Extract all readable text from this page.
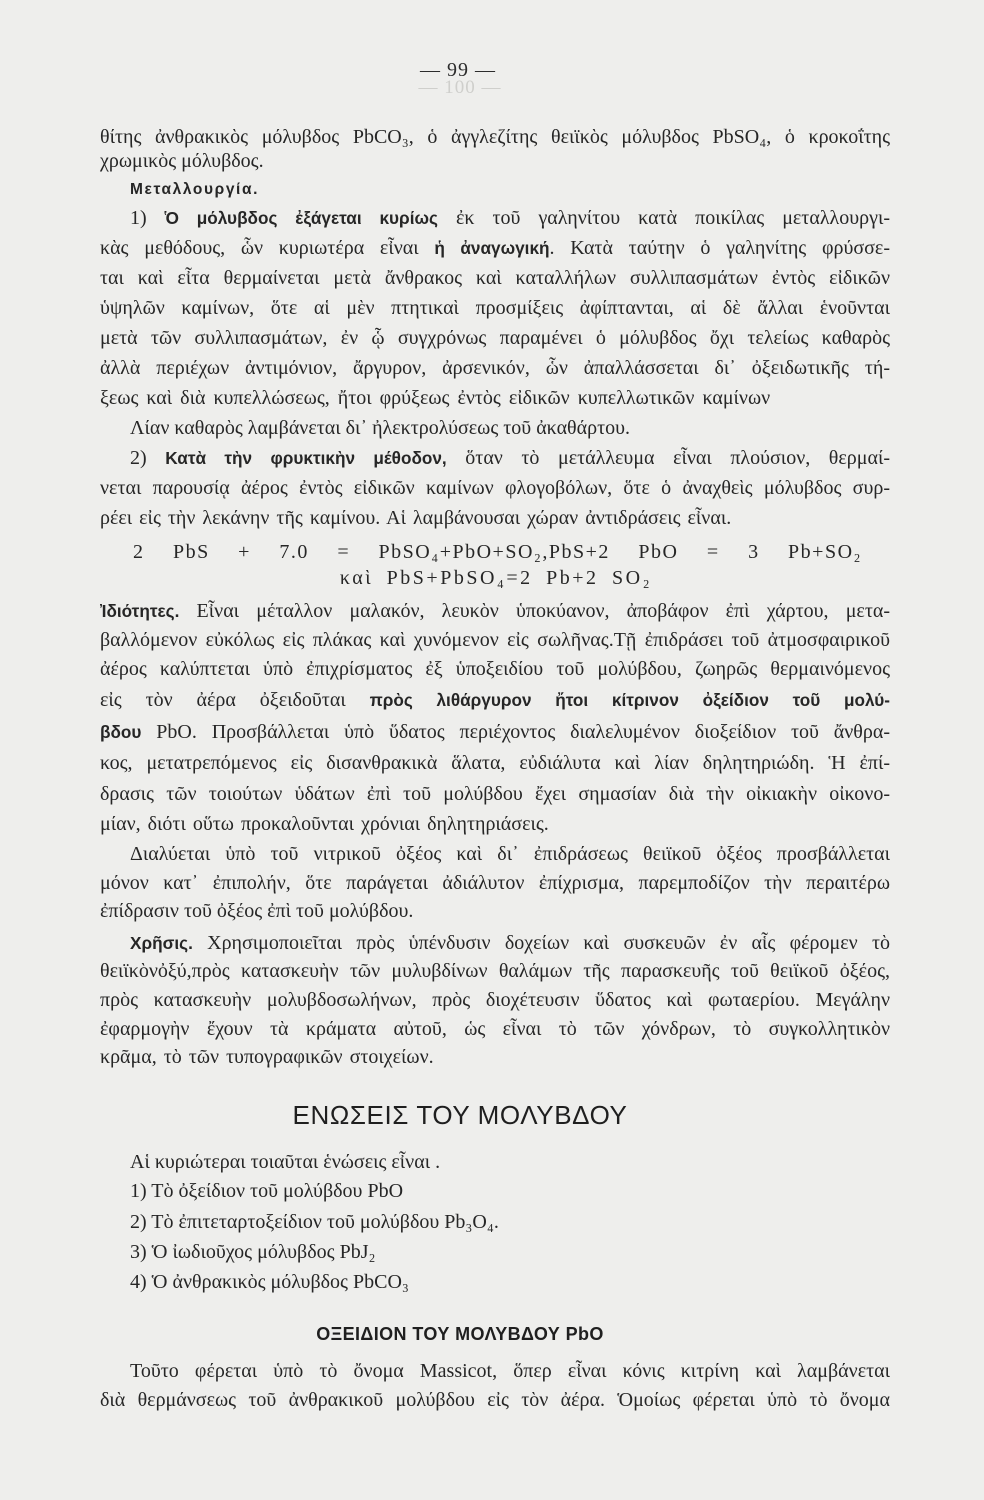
— 100 —
— 99 —
θίτης ἀνθρακικὸς μόλυβδος PbCO₃, ὁ ἀγγλεζίτης θειϊκὸς μόλυβδος PbSO₄, ὁ κροκοΐτης
χρωμικὸς μόλυβδος.
Μεταλλουργία.
1) Ὁ μόλυβδος ἐξάγεται κυρίως ἐκ τοῦ γαληνίτου κατὰ ποικίλας μεταλλουργι-
κὰς μεθόδους, ὧν κυριωτέρα εἶναι ἡ ἀναγωγική. Κατὰ ταύτην ὁ γαληνίτης φρύσσε-
ται καὶ εἶτα θερμαίνεται μετὰ ἄνθρακος καὶ καταλλήλων συλλιπασμάτων ἐντὸς εἰδικῶν
ὑψηλῶν καμίνων, ὅτε αἱ μὲν πτητικαὶ προσμίξεις ἀφίπτανται, αἱ δὲ ἄλλαι ἑνοῦνται
μετὰ τῶν συλλιπασμάτων, ἐν ᾧ συγχρόνως παραμένει ὁ μόλυβδος ὄχι τελείως καθαρὸς
ἀλλὰ περιέχων ἀντιμόνιον, ἄργυρον, ἀρσενικόν, ὧν ἀπαλλάσσεται δι᾽ ὀξειδωτικῆς τή-
ξεως καὶ διὰ κυπελλώσεως, ἤτοι φρύξεως ἐντὸς εἰδικῶν κυπελλωτικῶν καμίνων
Λίαν καθαρὸς λαμβάνεται δι᾽ ἠλεκτρολύσεως τοῦ ἀκαθάρτου.
2) Κατὰ τὴν φρυκτικὴν μέθοδον, ὅταν τὸ μετάλλευμα εἶναι πλούσιον, θερμαί-
νεται παρουσίᾳ ἀέρος ἐντὸς εἰδικῶν καμίνων φλογοβόλων, ὅτε ὁ ἀναχθεὶς μόλυβδος συρ-
ρέει εἰς τὴν λεκάνην τῆς καμίνου. Αἱ λαμβάνουσαι χώραν ἀντιδράσεις εἶναι.
2 PbS + 7.0 = PbSO₄+PbO+SO₂,PbS+2 PbO = 3 Pb+SO₂
καὶ PbS+PbSO₄=2 Pb+2 SO₂
Ἰδιότητες. Εἶναι μέταλλον μαλακόν, λευκὸν ὑποκύανον, ἀποβάφον ἐπὶ χάρτου, μετα-
βαλλόμενον εὐκόλως εἰς πλάκας καὶ χυνόμενον εἰς σωλῆνας.Τῇ ἐπιδράσει τοῦ ἀτμοσφαιρικοῦ
ἀέρος καλύπτεται ὑπὸ ἐπιχρίσματος ἐξ ὑποξειδίου τοῦ μολύβδου, ζωηρῶς θερμαινόμενος
εἰς τὸν ἀέρα ὀξειδοῦται πρὸς λιθάργυρον ἤτοι κίτρινον ὀξείδιον τοῦ μολύ-
βδου PbO. Προσβάλλεται ὑπὸ ὕδατος περιέχοντος διαλελυμένον διοξείδιον τοῦ ἄνθρα-
κος, μετατρεπόμενος εἰς δισανθρακικὰ ἅλατα, εὐδιάλυτα καὶ λίαν δηλητηριώδη. Ἡ ἐπί-
δρασις τῶν τοιούτων ὑδάτων ἐπὶ τοῦ μολύβδου ἔχει σημασίαν διὰ τὴν οἰκιακὴν οἰκονο-
μίαν, διότι οὕτω προκαλοῦνται χρόνιαι δηλητηριάσεις.
Διαλύεται ὑπὸ τοῦ νιτρικοῦ ὀξέος καὶ δι᾽ ἐπιδράσεως θειϊκοῦ ὀξέος προσβάλλεται
μόνον κατ᾽ ἐπιπολήν, ὅτε παράγεται ἀδιάλυτον ἐπίχρισμα, παρεμποδίζον τὴν περαιτέρω
ἐπίδρασιν τοῦ ὀξέος ἐπὶ τοῦ μολύβδου.
Χρῆσις. Χρησιμοποιεῖται πρὸς ὑπένδυσιν δοχείων καὶ συσκευῶν ἐν αἷς φέρομεν τὸ
θειϊκὸνὀξύ,πρὸς κατασκευὴν τῶν μυλυβδίνων θαλάμων τῆς παρασκευῆς τοῦ θειϊκοῦ ὀξέος,
πρὸς κατασκευὴν μολυβδοσωλήνων, πρὸς διοχέτευσιν ὕδατος καὶ φωταερίου. Μεγάλην
ἐφαρμογὴν ἔχουν τὰ κράματα αὐτοῦ, ὡς εἶναι τὸ τῶν χόνδρων, τὸ συγκολλητικὸν
κρᾶμα, τὸ τῶν τυπογραφικῶν στοιχείων.
ΕΝΩΣΕΙΣ ΤΟΥ ΜΟΛΥΒΔΟΥ
Αἱ κυριώτεραι τοιαῦται ἑνώσεις εἶναι .
1) Τὸ ὀξείδιον τοῦ μολύβδου PbO
2) Τὸ ἐπιτεταρτοξείδιον τοῦ μολύβδου Pb₃O₄.
3) Ὁ ἰωδιοῦχος μόλυβδος PbJ₂
4) Ὁ ἀνθρακικὸς μόλυβδος PbCO₃
ΟΞΕΙΔΙΟΝ ΤΟΥ ΜΟΛΥΒΔΟΥ PbO
Τοῦτο φέρεται ὑπὸ τὸ ὄνομα Massicot, ὅπερ εἶναι κόνις κιτρίνη καὶ λαμβάνεται
διὰ θερμάνσεως τοῦ ἀνθρακικοῦ μολύβδου εἰς τὸν ἀέρα. Ὁμοίως φέρεται ὑπὸ τὸ ὄνομα
